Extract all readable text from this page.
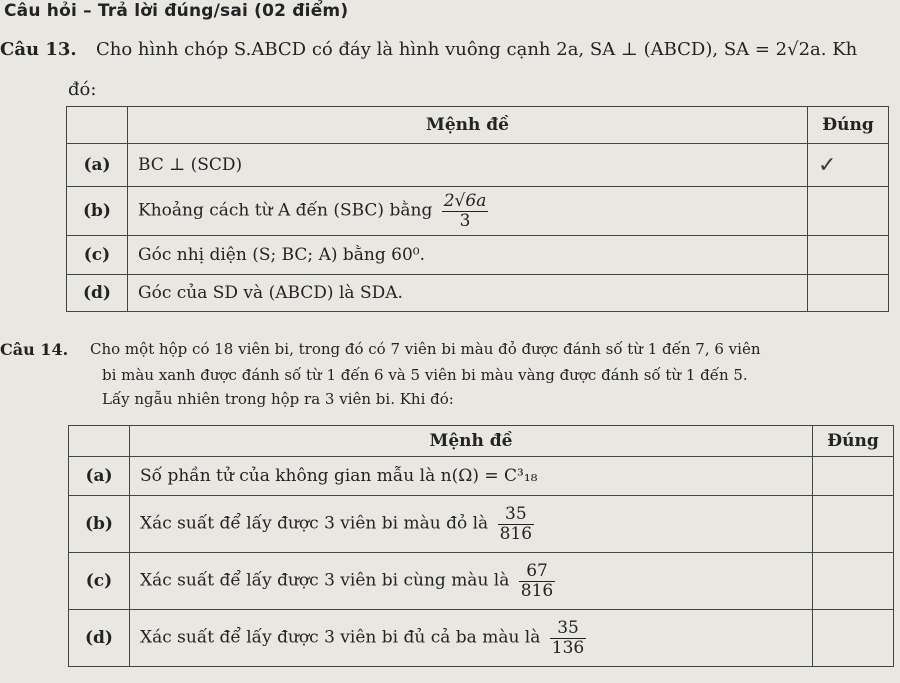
Câu hỏi – Trả lời đúng/sai (02 điểm)
Câu 13. Cho hình chóp S.ABCD có đáy là hình vuông cạnh 2a, SA ⊥ (ABCD), SA = 2√2a. Kh
đó:
	Mệnh đề	Đúng
(a)	BC ⊥ (SCD)	✓
(b)	Khoảng cách từ A đến (SBC) bằng $\frac{2√6a}{3}$

(c)	Góc nhị diện (S; BC; A) bằng 60⁰.	
(d)	Góc của SD và (ABCD) là SDA.	
Câu 14. Cho một hộp có 18 viên bi, trong đó có 7 viên bi màu đỏ được đánh số từ 1 đến 7, 6 viên
bi màu xanh được đánh số từ 1 đến 6 và 5 viên bi màu vàng được đánh số từ 1 đến 5.
Lấy ngẫu nhiên trong hộp ra 3 viên bi. Khi đó:
	Mệnh đề	Đúng
(a)	Số phần tử của không gian mẫu là n(Ω) = C³₁₈	
(b)	Xác suất để lấy được 3 viên bi màu đỏ là $\frac{35}{816}$

(c)	Xác suất để lấy được 3 viên bi cùng màu là $\frac{67}{816}$

(d)	Xác suất để lấy được 3 viên bi đủ cả ba màu là $\frac{35}{136}$
